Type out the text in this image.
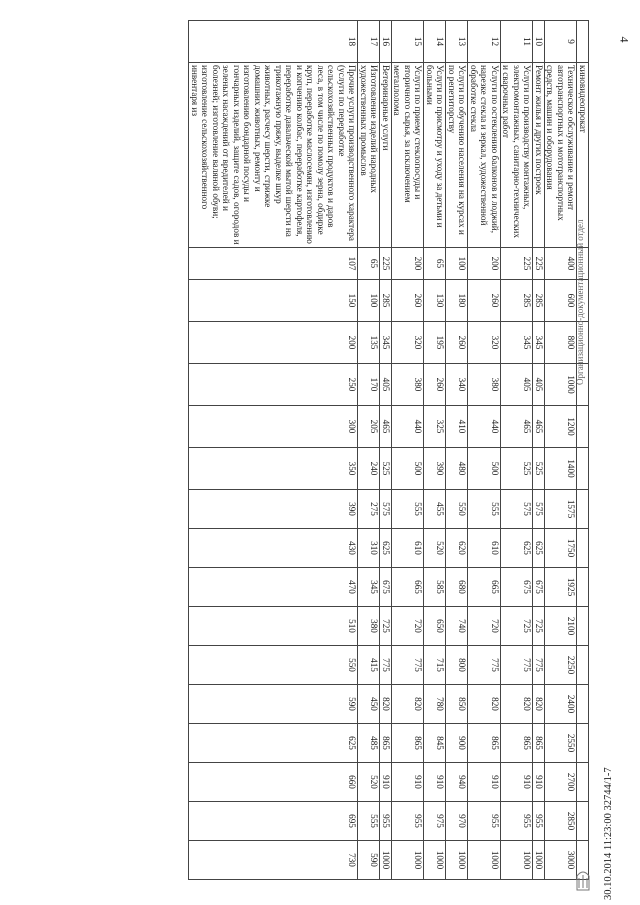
4
	киновидеопрокат																
9	Техническое обслуживание и ремонт автотранспортных и мототранспортных средств, машин и оборудования	400	600	800	1000	1200	1400	1575	1750	1925	2100	2250	2400	2550	2700	2850	3000
10	Ремонт жилья и других построек	225	285	345	405	465	525	575	625	675	725	775	820	865	910	955	1000
11	Услуги по производству монтажных, электромонтажных, санитарно-технических и сварочных работ	225	285	345	405	465	525	575	625	675	725	775	820	865	910	955	1000
12	Услуги по остеклению балконов и лоджий, нарезке стекла и зеркал, художественной обработке стекла	200	260	320	380	440	500	555	610	665	720	775	820	865	910	955	1000
13	Услуги по обучению населения на курсах и по репетиторству	100	180	260	340	410	480	550	620	680	740	800	850	900	940	970	1000
14	Услуги по присмотру и уходу за детьми и больными	65	130	195	260	325	390	455	520	585	650	715	780	845	910	975	1000
15	Услуги по приему стеклопосуды и вторичного сырья, за исключением металлолома	200	260	320	380	440	500	555	610	665	720	775	820	865	910	955	1000
16	Ветеринарные услуги	225	285	345	405	465	525	575	625	675	725	775	820	865	910	955	1000
17	Изготовление изделий народных художественных промыслов	65	100	135	170	205	240	275	310	345	380	415	450	485	520	555	590
18	Прочие услуги производственного характера (услуги по переработке сельскохозяйственных продуктов и даров леса, в том числе по помолу зерна, обдирке круп, переработке маслосемян, изготовлению и копчению колбас, переработке картофеля, переработке давальческой мытой шерсти на трикотажную пряжу, выделке шкур животных, расчесу шерсти, стрижке домашних животных, ремонту и изготовлению бондарной посуды и гончарных изделий, защите садов, огородов и зеленых насаждений от вредителей и болезней; изготовление валяной обуви; изготовление сельскохозяйственного инвентаря из	107	150	200	250	300	350	390	430	470	510	550	590	625	660	695	730
Организационно-документационный отдел
30.10.2014 11:23:00 32744/1-7
